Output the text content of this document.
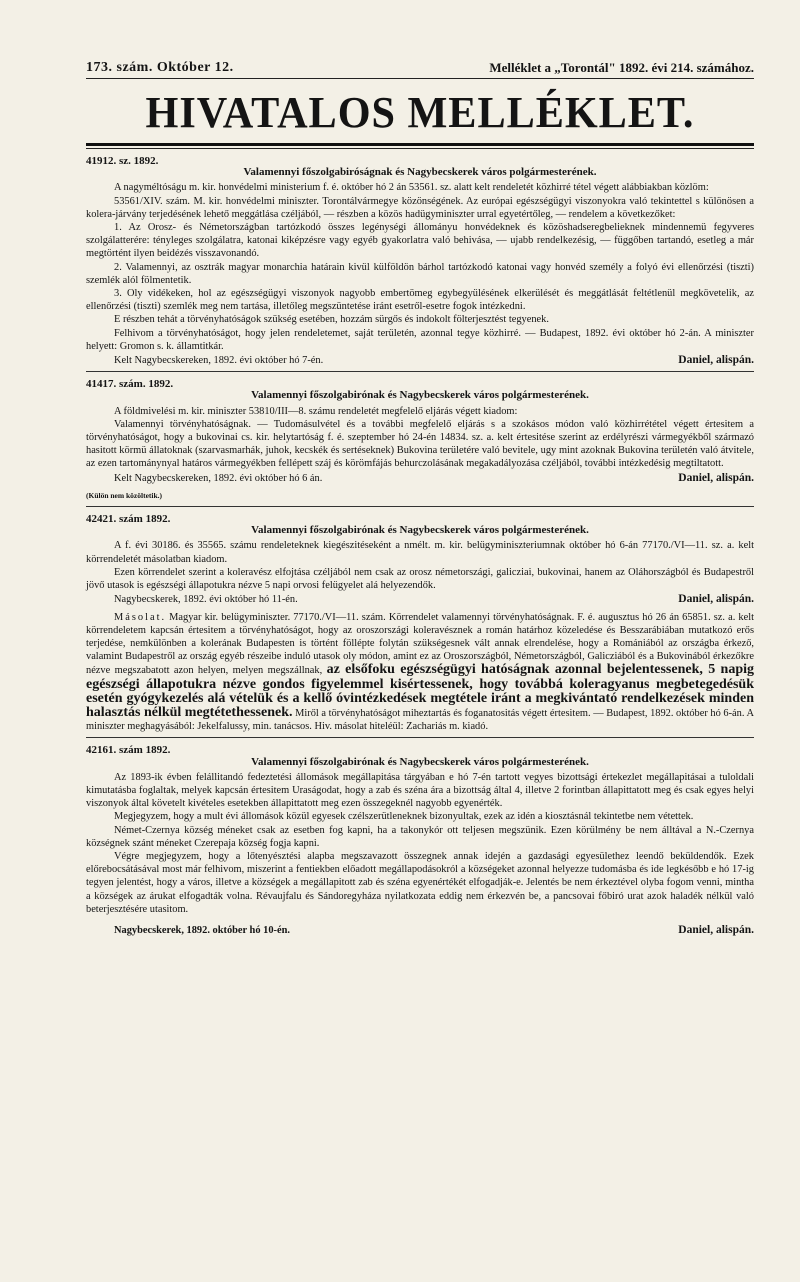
173. szám. Október 12.	Melléklet a „Torontál" 1892. évi 214. számához.
HIVATALOS MELLÉKLET.
41912. sz. 1892.
Valamennyi főszolgabiróságnak és Nagybecskerek város polgármesterének.

A nagyméltóságu m. kir. honvédelmi ministerium f. é. október hó 2 án 53561. sz. alatt kelt rendeletét közhirré tétel végett alábbiakban közlöm:

53561/XIV. szám. M. kir. honvédelmi miniszter. Torontálvármegye közönségének. Az európai egészségügyi viszonyokra való tekintettel s különösen a kolera-járvány terjedésének lehető meggátlása czéljából, — részben a közös hadügyminiszter urral egyetértőleg, — rendelem a következőket:

1. Az Orosz- és Németországban tartózkodó összes legénységi állományu honvédeknek és közöshadseregbelieknek mindennemü fegyveres szolgálatterére: tényleges szolgálatra, katonai kiképzésre vagy egyéb gyakorlatra való behivása, — ujabb rendelkezésig, — függőben tartandó, esetleg a már megtörtént ilyen beidézés visszavonandó.

2. Valamennyi, az osztrák magyar monarchia határain kivül külföldön bárhol tartózkodó katonai vagy honvéd személy a folyó évi ellenőrzési (tiszti) szemlék alól fölmentetik.

3. Oly vidékeken, hol az egészségügyi viszonyok nagyobb embertömeg egybegyülésének elkerülését és meggátlását feltétlenül megkövetelik, az ellenőrzési (tiszti) szemlék meg nem tartása, illetőleg megszüntetése iránt esetről-esetre fogok intézkedni.

E részben tehát a törvényhatóságok szükség esetében, hozzám sürgős és indokolt fölterjesztést tegyenek.

Felhivom a törvényhatóságot, hogy jelen rendeletemet, saját területén, azonnal tegye közhirré. — Budapest, 1892. évi október hó 2-án. A miniszter helyett: Gromon s. k. államtitkár.

Kelt Nagybecskereken, 1892. évi október hó 7-én.	Daniel, alispán.
41417. szám. 1892.
Valamennyi főszolgabirónak és Nagybecskerek város polgármesterének.

A földmivelési m. kir. miniszter 53810/III—8. számu rendeletét megfelelő eljárás végett kiadom:

Valamennyi törvényhatóságnak. — Tudomásulvétel és a további megfelelő eljárás s a szokásos módon való közhirrététel végett értesitem a törvényhatóságot, hogy a bukovinai cs. kir. helytartóság f. é. szeptember hó 24-én 14834. sz. a. kelt értesitése szerint az erdélyrészi vármegyékből származó hasitott körmü állatoknak (szarvasmarhák, juhok, kecskék és sertéseknek) Bukovina területére való bevitele, ugy mint azoknak Bukovina területén való átvitele, az ezen tartománynyal határos vármegyékben fellépett száj és körömfájás behurczolásának megakadályozása czéljából, további intézkedésig megtiltatott.

Kelt Nagybecskereken, 1892. évi október hó 6 án.	Daniel, alispán.
(Külön nem közöltetik.)
42421. szám 1892.
Valamennyi főszolgabirónak és Nagybecskerek város polgármesterének.

A f. évi 30186. és 35565. számu rendeleteknek kiegészitéseként a nmélt. m. kir. belügyminiszteriumnak október hó 6-án 77170./VI—11. sz. a. kelt körrendeletét másolatban kiadom.

Ezen körrendelet szerint a koleravész elfojtása czéljából nem csak az orosz németországi, galicziai, bukovinai, hanem az Oláhországból és Budapestről jövő utasok is egészségi állapotukra nézve 5 napi orvosi felügyelet alá helyezendők.

Nagybecskerek, 1892. évi október hó 11-én.	Daniel, alispán.

Másolat. Magyar kir. belügyminiszter. 77170./VI—11. szám. Körrendelet valamennyi törvényhatóságnak. F. é. augusztus hó 26 án 65851. sz. a. kelt körrendeletem kapcsán értesitem a törvényhatóságot, hogy az oroszországi koleravésznek a román határhoz közeledése és Besszarábiában mutatkozó erős terjedése, nemkülönben a kolerának Budapesten is történt föllépte folytán szükségesnek vált annak elrendelése, hogy a Romániából az országba érkező, valamint Budapestről az ország egyéb részeibe induló utasok oly módon, amint ez az Oroszországból, Németországból, Galicziából és a Bukovinából érkezőkre nézve megszabatott azon helyen, melyen megszállnak, az elsőfoku egészségügyi hatóságnak azonnal bejelentessenek, 5 napig egészségi állapotukra nézve gondos figyelemmel kisértessenek, hogy továbbá koleragyanus megbetegedésük esetén gyógykezelés alá vételük és a kellő óvintézkedések megtétele iránt a megkivántató rendelkezések minden halasztás nélkül megtétethessenek. Miről a törvényhatóságot miheztartás és foganatositás végett értesitem. — Budapest, 1892. október hó 6-án. A miniszter meghagyásából: Jekelfalussy, min. tanácsos. Hiv. másolat hiteléül: Zachariás m. kiadó.

42161. szám 1892.
Valamennyi főszolgabirónak és Nagybecskerek város polgármesterének.

Az 1893-ik évben felállitandó fedeztetési állomások megállapitása tárgyában e hó 7-én tartott vegyes bizottsági értekezlet megállapitásai a tuloldali kimutatásba foglaltak, melyek kapcsán értesitem Uraságodat, hogy a zab és széna ára a bizottság által 4, illetve 2 forintban állapittatott meg és csak egyes helyi viszonyok által követelt kivételes esetekben állapittatott meg ezen összegeknél nagyobb egyenérték.

Megjegyzem, hogy a mult évi állomások közül egyesek czélszerütleneknek bizonyultak, ezek az idén a kiosztásnál tekintetbe nem vétettek.

Német-Czernya község méneket csak az esetben fog kapni, ha a takonykór ott teljesen megszünik. Ezen körülmény be nem álltával a N.-Czernya községnek szánt méneket Czerepaja község fogja kapni.

Végre megjegyzem, hogy a lőtenyésztési alapba megszavazott összegnek annak idején a gazdasági egyesülethez leendő beküldendők. Ezek előrebocsátásával most már felhivom, miszerint a fentiekben előadott megállapodásokról a községeket azonnal helyezze tudomásba és ide legkésőbb e hó 17-ig tegyen jelentést, hogy a város, illetve a községek a megállapitott zab és széna egyenértékét elfogadják-e. Jelentés be nem érkeztével olyba fogom venni, mintha a községek az árukat elfogadták volna. Révaujfalu és Sándoregyháza nyilatkozata eddig nem érkezvén be, a pancsovai főbiró urat azok haladék nélkül való beterjesztésére utasitom.

Nagybecskerek, 1892. október hó 10-én.	Daniel, alispán.
